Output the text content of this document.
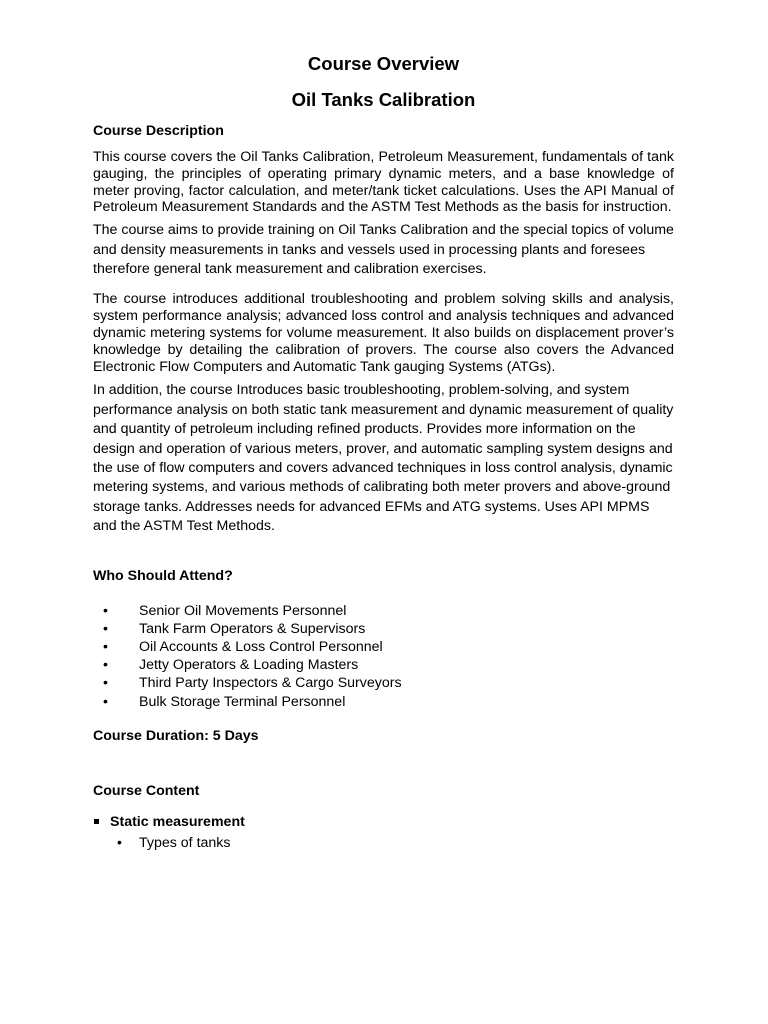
Course Overview
Oil Tanks Calibration
Course Description

This course covers the Oil Tanks Calibration, Petroleum Measurement, fundamentals of tank gauging, the principles of operating primary dynamic meters, and a base knowledge of meter proving, factor calculation, and meter/tank ticket calculations. Uses the API Manual of Petroleum Measurement Standards and the ASTM Test Methods as the basis for instruction.

The course aims to provide training on Oil Tanks Calibration and the special topics of volume and density measurements in tanks and vessels used in processing plants and foresees therefore general tank measurement and calibration exercises.

The course introduces additional troubleshooting and problem solving skills and analysis, system performance analysis; advanced loss control and analysis techniques and advanced dynamic metering systems for volume measurement. It also builds on displacement prover’s knowledge by detailing the calibration of provers. The course also covers the Advanced Electronic Flow Computers and Automatic Tank gauging Systems (ATGs).

In addition, the course Introduces basic troubleshooting, problem-solving, and system performance analysis on both static tank measurement and dynamic measurement of quality and quantity of petroleum including refined products. Provides more information on the design and operation of various meters, prover, and automatic sampling system designs and the use of flow computers and covers advanced techniques in loss control analysis, dynamic metering systems, and various methods of calibrating both meter provers and above-ground storage tanks. Addresses needs for advanced EFMs and ATG systems. Uses API MPMS and the ASTM Test Methods.

Who Should Attend?
• Senior Oil Movements Personnel
• Tank Farm Operators & Supervisors
• Oil Accounts & Loss Control Personnel
• Jetty Operators & Loading Masters
• Third Party Inspectors & Cargo Surveyors
• Bulk Storage Terminal Personnel
Course Duration: 5 Days
Course Content
Static measurement
• Types of tanks
